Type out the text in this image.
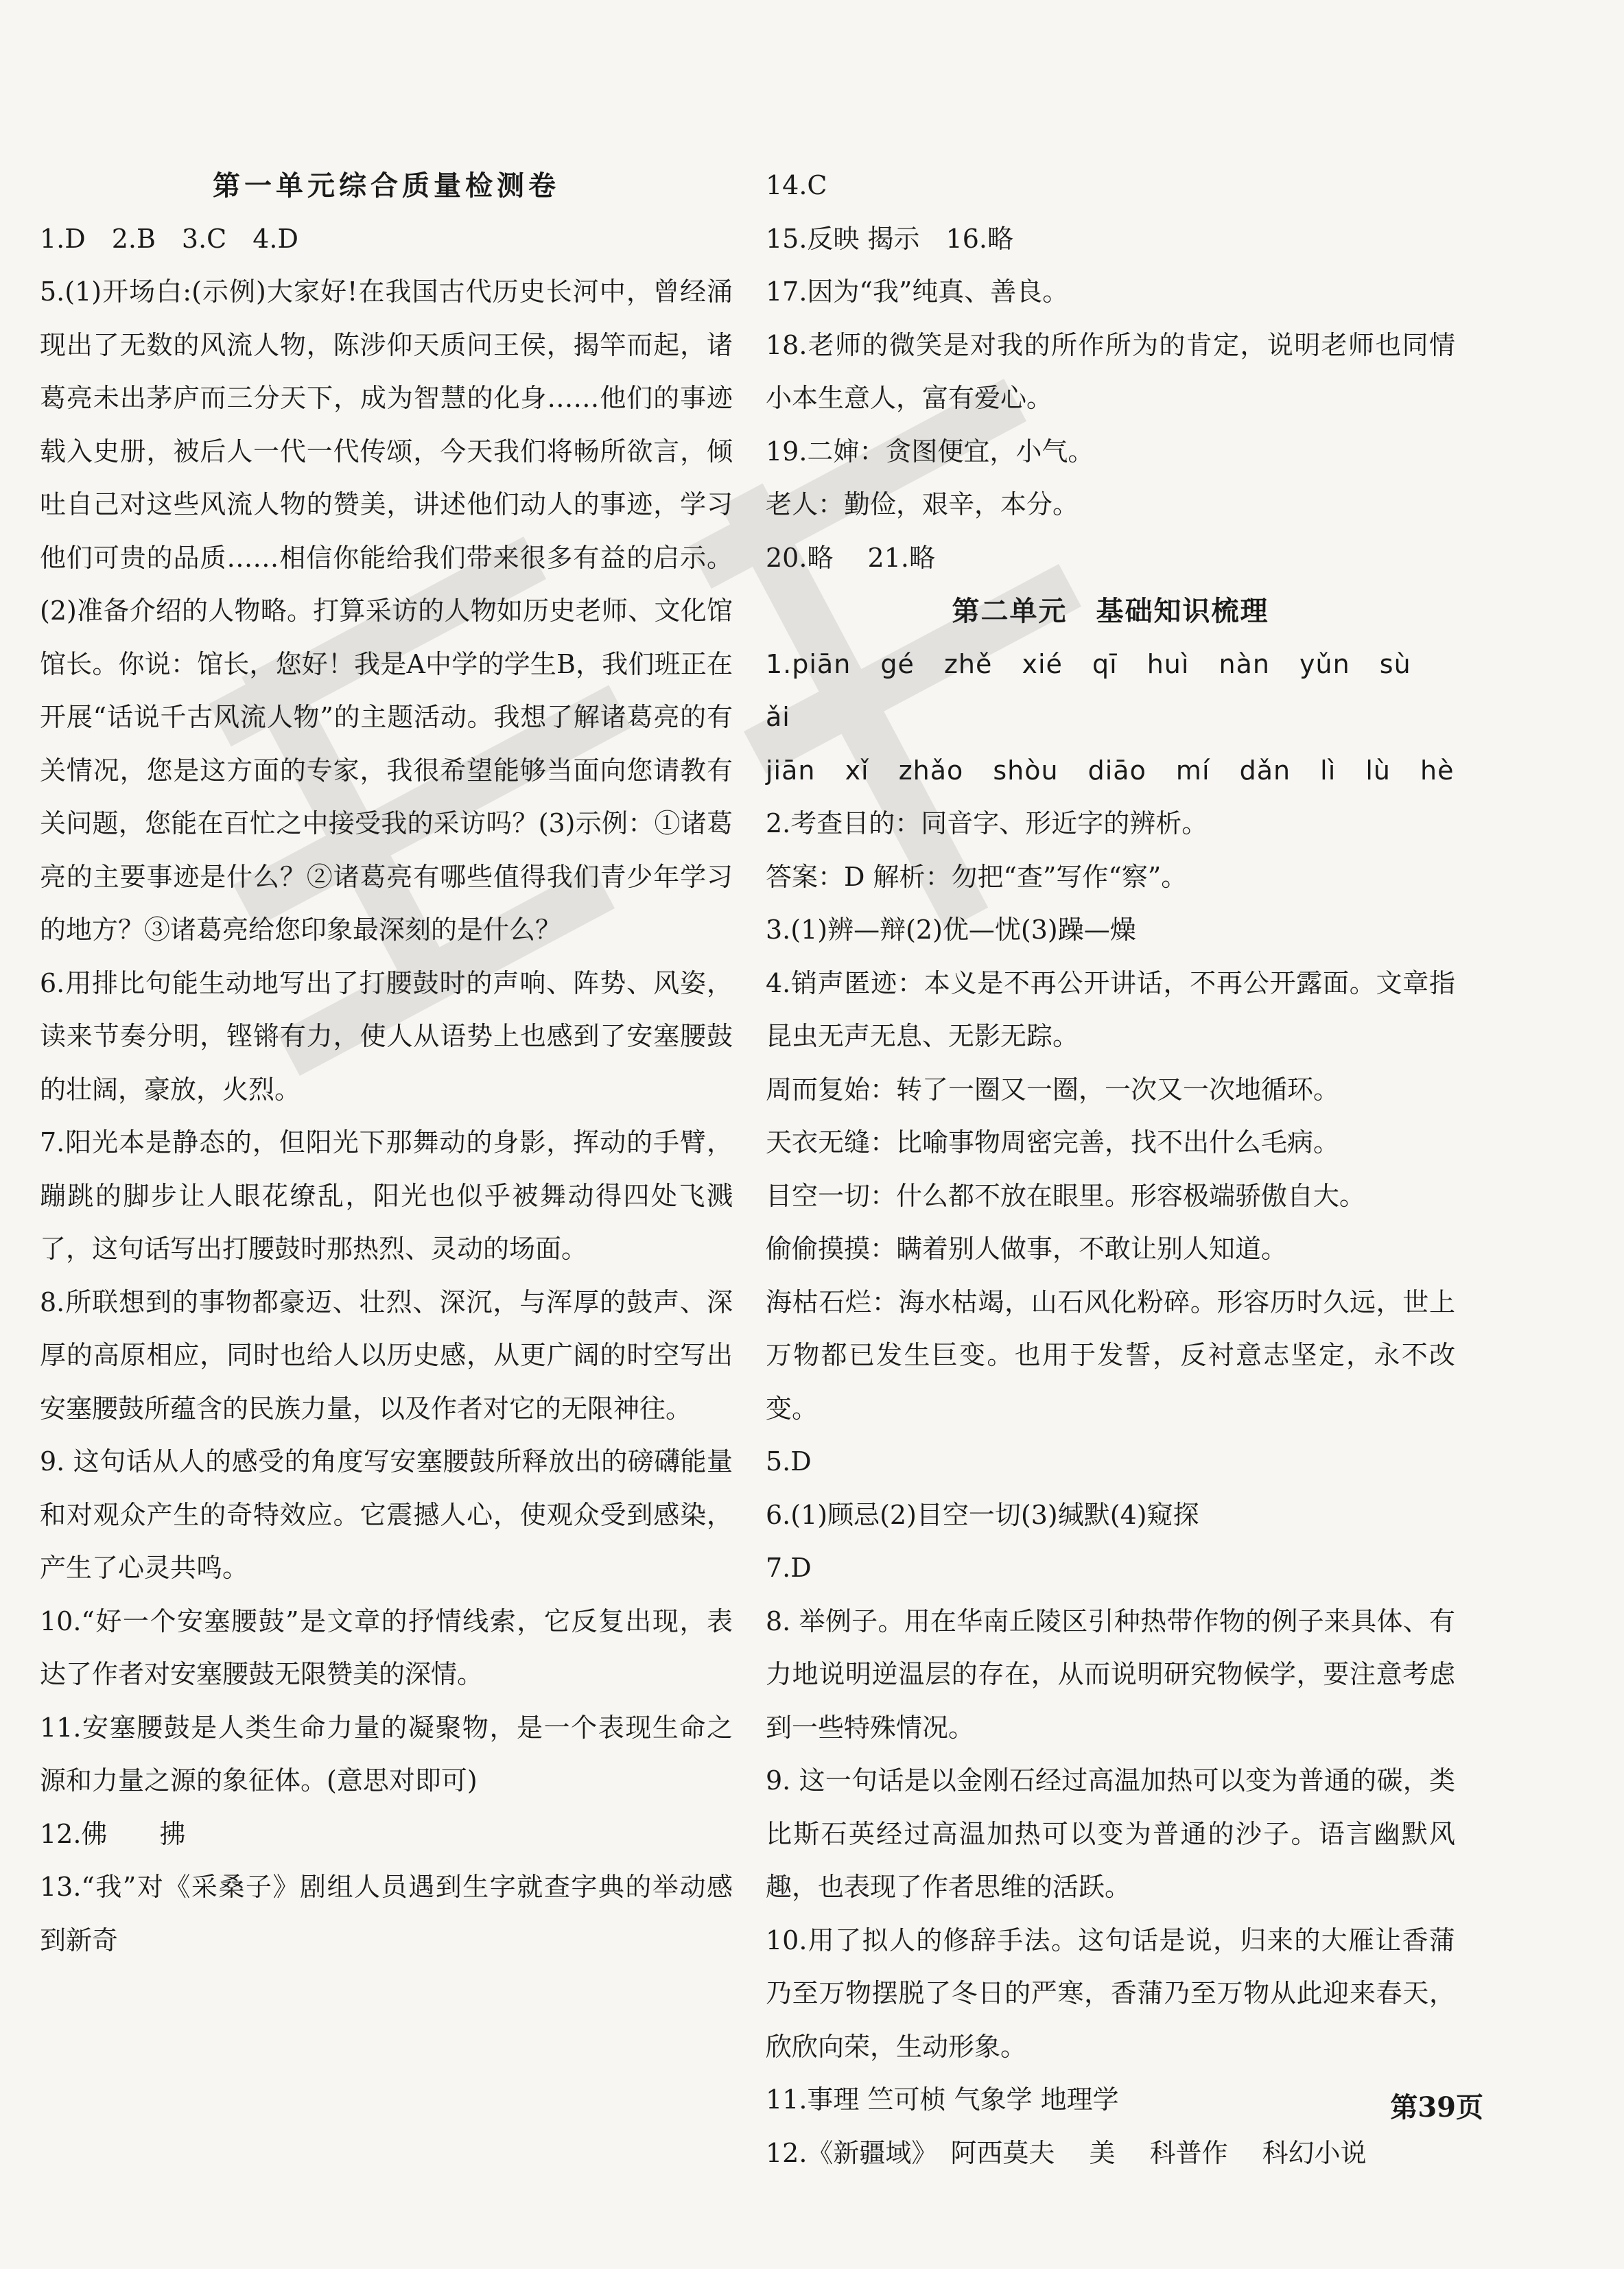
第一单元综合质量检测卷

1.D　2.B　3.C　4.D

5.(1)开场白:(示例)大家好!在我国古代历史长河中，曾经涌现出了无数的风流人物，陈涉仰天质问王侯，揭竿而起，诸葛亮未出茅庐而三分天下，成为智慧的化身……他们的事迹载入史册，被后人一代一代传颂，今天我们将畅所欲言，倾吐自己对这些风流人物的赞美，讲述他们动人的事迹，学习他们可贵的品质……相信你能给我们带来很多有益的启示。(2)准备介绍的人物略。打算采访的人物如历史老师、文化馆馆长。你说：馆长，您好！我是A中学的学生B，我们班正在开展“话说千古风流人物”的主题活动。我想了解诸葛亮的有关情况，您是这方面的专家，我很希望能够当面向您请教有关问题，您能在百忙之中接受我的采访吗？(3)示例：①诸葛亮的主要事迹是什么？②诸葛亮有哪些值得我们青少年学习的地方？③诸葛亮给您印象最深刻的是什么？

6.用排比句能生动地写出了打腰鼓时的声响、阵势、风姿，读来节奏分明，铿锵有力，使人从语势上也感到了安塞腰鼓的壮阔，豪放，火烈。

7.阳光本是静态的，但阳光下那舞动的身影，挥动的手臂，蹦跳的脚步让人眼花缭乱，阳光也似乎被舞动得四处飞溅了，这句话写出打腰鼓时那热烈、灵动的场面。

8.所联想到的事物都豪迈、壮烈、深沉，与浑厚的鼓声、深厚的高原相应，同时也给人以历史感，从更广阔的时空写出安塞腰鼓所蕴含的民族力量，以及作者对它的无限神往。

9. 这句话从人的感受的角度写安塞腰鼓所释放出的磅礴能量和对观众产生的奇特效应。它震撼人心，使观众受到感染，产生了心灵共鸣。

10.“好一个安塞腰鼓”是文章的抒情线索，它反复出现，表达了作者对安塞腰鼓无限赞美的深情。

11.安塞腰鼓是人类生命力量的凝聚物，是一个表现生命之源和力量之源的象征体。(意思对即可)

12.佛　　拂

13.“我”对《采桑子》剧组人员遇到生字就查字典的举动感到新奇

14.C

15.反映 揭示　16.略

17.因为“我”纯真、善良。

18.老师的微笑是对我的所作所为的肯定，说明老师也同情小本生意人，富有爱心。

19.二婶：贪图便宜，小气。

老人：勤俭，艰辛，本分。

20.略　 21.略

第二单元　基础知识梳理

1.piān gé zhě xié qī huì nàn yǔn sù ǎi

jiān xǐ zhǎo shòu diāo mí dǎn lì lù hè

2.考查目的：同音字、形近字的辨析。

答案：D 解析：勿把“查”写作“察”。

3.(1)辨—辩(2)优—忧(3)躁—燥

4.销声匿迹：本义是不再公开讲话，不再公开露面。文章指昆虫无声无息、无影无踪。

周而复始：转了一圈又一圈，一次又一次地循环。

天衣无缝：比喻事物周密完善，找不出什么毛病。

目空一切：什么都不放在眼里。形容极端骄傲自大。

偷偷摸摸：瞒着别人做事，不敢让别人知道。

海枯石烂：海水枯竭，山石风化粉碎。形容历时久远，世上万物都已发生巨变。也用于发誓，反衬意志坚定，永不改变。

5.D

6.(1)顾忌(2)目空一切(3)缄默(4)窥探

7.D

8. 举例子。用在华南丘陵区引种热带作物的例子来具体、有力地说明逆温层的存在，从而说明研究物候学，要注意考虑到一些特殊情况。

9. 这一句话是以金刚石经过高温加热可以变为普通的碳，类比斯石英经过高温加热可以变为普通的沙子。语言幽默风趣，也表现了作者思维的活跃。

10.用了拟人的修辞手法。这句话是说，归来的大雁让香蒲乃至万物摆脱了冬日的严寒，香蒲乃至万物从此迎来春天，欣欣向荣，生动形象。

11.事理 竺可桢 气象学 地理学

12.《新疆域》　阿西莫夫　 美　 科普作　 科幻小说

第39页
